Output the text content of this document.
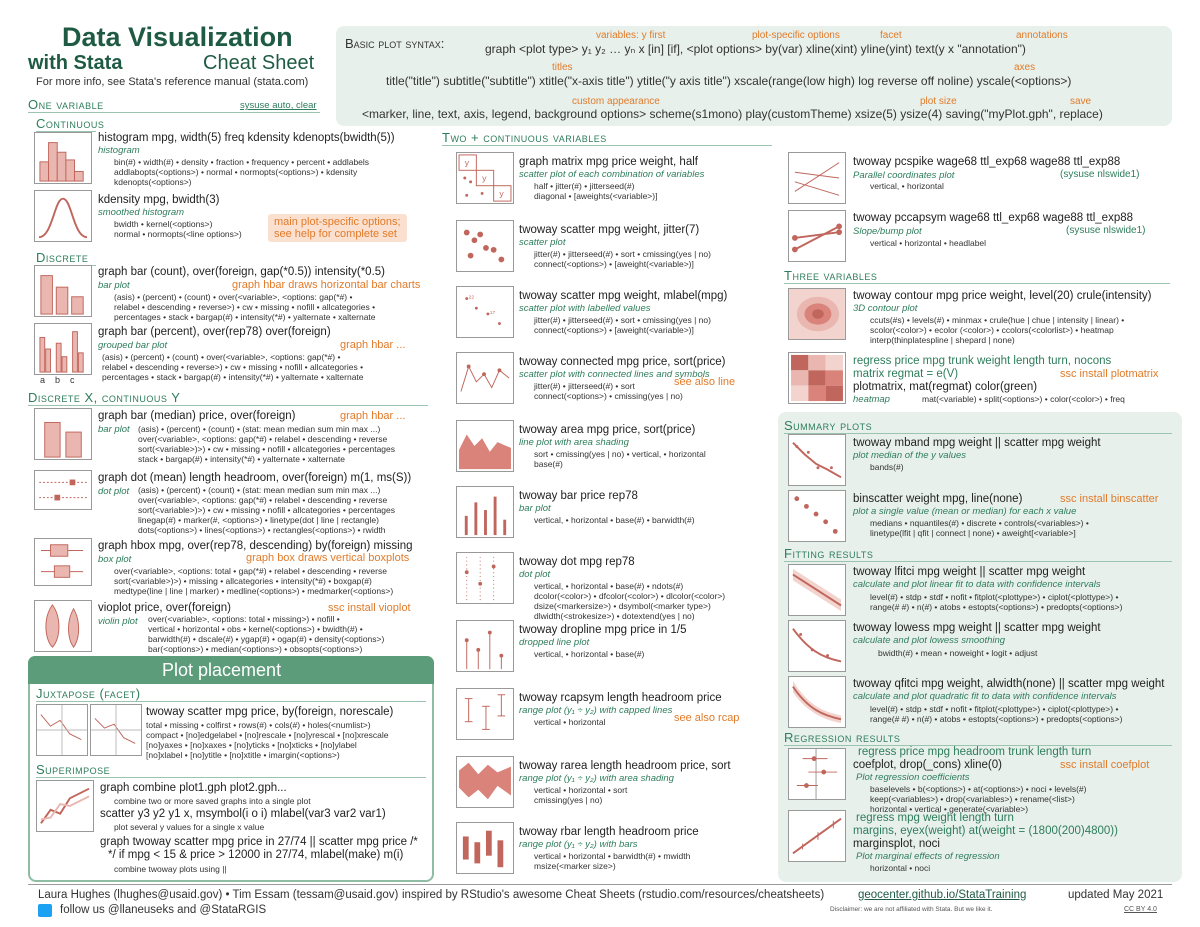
Data Visualization
with Stata	Cheat Sheet
For more info, see Stata's reference manual (stata.com)
Basic plot syntax:
variables: y first	plot-specific options	facet	annotations
graph <plot type> y₁ y₂ … yₙ x [in] [if], <plot options> by(var) xline(xint) yline(yint) text(y x "annotation")
titles	axes
title("title") subtitle("subtitle") xtitle("x-axis title") ytitle("y axis title") xscale(range(low high) log reverse off noline) yscale(<options>)
custom appearance	plot size	save
<marker, line, text, axis, legend, background options> scheme(s1mono) play(customTheme) xsize(5) ysize(4) saving("myPlot.gph", replace)
One variable	sysuse auto, clear
Continuous
histogram mpg, width(5) freq kdensity kdenopts(bwidth(5))
histogram
bin(#) • width(#) • density • fraction • frequency • percent • addlabels
addlabopts(<options>) • normal • normopts(<options>) • kdensity
kdenopts(<options>)
kdensity mpg, bwidth(3)
smoothed histogram
bwidth • kernel(<options>)
normal • normopts(<line options>)
main plot-specific options;
see help for complete set
Discrete
graph bar (count), over(foreign, gap(*0.5)) intensity(*0.5)
bar plot	graph hbar draws horizontal bar charts
(asis) • (percent) • (count) • over(<variable>, <options: gap(*#) •
relabel • descending • reverse>) • cw • missing • nofill • allcategories •
percentages • stack • bargap(#) • intensity(*#) • yalternate • xalternate
a    b    c
graph bar (percent), over(rep78) over(foreign)
grouped bar plot	graph hbar ...
(asis) • (percent) • (count) • over(<variable>, <options: gap(*#) •
relabel • descending • reverse>) • cw • missing • nofill • allcategories •
percentages • stack • bargap(#) • intensity(*#) • yalternate • xalternate
Discrete X, continuous Y
graph bar (median) price, over(foreign)	graph hbar ...
bar plot (asis) • (percent) • (count) • (stat: mean median sum min max ...)
over(<variable>, <options: gap(*#) • relabel • descending • reverse
sort(<variable>)>) • cw • missing • nofill • allcategories • percentages
stack • bargap(#) • intensity(*#) • yalternate • xalternate
graph dot (mean) length headroom, over(foreign) m(1, ms(S))
dot plot (asis) • (percent) • (count) • (stat: mean median sum min max ...)
over(<variable>, <options: gap(*#) • relabel • descending • reverse
sort(<variable>)>) • cw • missing • nofill • allcategories • percentages
linegap(#) • marker(#, <options>) • linetype(dot | line | rectangle)
dots(<options>) • lines(<options>) • rectangles(<options>) • rwidth
graph hbox mpg, over(rep78, descending) by(foreign) missing
box plot	graph box draws vertical boxplots
over(<variable>, <options: total • gap(*#) • relabel • descending • reverse
sort(<variable>)>) • missing • allcategories • intensity(*#) • boxgap(#)
medtype(line | line | marker) • medline(<options>) • medmarker(<options>)
vioplot price, over(foreign)	ssc install vioplot
violin plot over(<variable>, <options: total • missing>) • nofill •
vertical • horizontal • obs • kernel(<options>) • bwidth(#) •
barwidth(#) • dscale(#) • ygap(#) • ogap(#) • density(<options>)
bar(<options>) • median(<options>) • obsopts(<options>)
Plot placement
Juxtapose (facet)
twoway scatter mpg price, by(foreign, norescale)
total • missing • colfirst • rows(#) • cols(#) • holes(<numlist>)
compact • [no]edgelabel • [no]rescale • [no]yrescal • [no]xrescale
[no]yaxes • [no]xaxes • [no]yticks • [no]xticks • [no]ylabel
[no]xlabel • [no]ytitle • [no]xtitle • imargin(<options>)
Superimpose
graph combine plot1.gph plot2.gph...
combine two or more saved graphs into a single plot
scatter y3 y2 y1 x, msymbol(i o i) mlabel(var3 var2 var1)
plot several y values for a single x value
graph twoway scatter mpg price in 27/74 || scatter mpg price /*
*/ if mpg < 15 & price > 12000 in 27/74, mlabel(make) m(i)
combine twoway plots using ||
Two + continuous variables
y
y
y
graph matrix mpg price weight, half
scatter plot of each combination of variables
half • jitter(#) • jitterseed(#)
diagonal • [aweights(<variable>)]
twoway scatter mpg weight, jitter(7)
scatter plot
jitter(#) • jitterseed(#) • sort • cmissing(yes | no)
connect(<options>) • [aweight(<variable>)]
22
17
twoway scatter mpg weight, mlabel(mpg)
scatter plot with labelled values
jitter(#) • jitterseed(#) • sort • cmissing(yes | no)
connect(<options>) • [aweight(<variable>)]
twoway connected mpg price, sort(price)
scatter plot with connected lines and symbols
jitter(#) • jitterseed(#) • sort
connect(<options>) • cmissing(yes | no)
see also line
twoway area mpg price, sort(price)
line plot with area shading
sort • cmissing(yes | no) • vertical, • horizontal
base(#)
twoway bar price rep78
bar plot
vertical, • horizontal • base(#) • barwidth(#)
twoway dot mpg rep78
dot plot
vertical, • horizontal • base(#) • ndots(#)
dcolor(<color>) • dfcolor(<color>) • dlcolor(<color>)
dsize(<markersize>) • dsymbol(<marker type>)
dlwidth(<strokesize>) • dotextend(yes | no)
twoway dropline mpg price in 1/5
dropped line plot
vertical, • horizontal • base(#)
twoway rcapsym length headroom price
range plot (y₁ ÷ y₂) with capped lines
vertical • horizontal	see also rcap
twoway rarea length headroom price, sort
range plot (y₁ ÷ y₂) with area shading
vertical • horizontal • sort
cmissing(yes | no)
twoway rbar length headroom price
range plot (y₁ ÷ y₂) with bars
vertical • horizontal • barwidth(#) • mwidth
msize(<marker size>)
twoway pcspike wage68 ttl_exp68 wage88 ttl_exp88
Parallel coordinates plot	(sysuse nlswide1)
vertical, • horizontal
twoway pccapsym wage68 ttl_exp68 wage88 ttl_exp88
Slope/bump plot	(sysuse nlswide1)
vertical • horizontal • headlabel
Three variables
twoway contour mpg price weight, level(20) crule(intensity)
3D contour plot
ccuts(#s) • levels(#) • minmax • crule(hue | chue | intensity | linear) •
scolor(<color>) • ecolor (<color>) • ccolors(<colorlist>) • heatmap
interp(thinplatespline | shepard | none)
regress price mpg trunk weight length turn, nocons
matrix regmat = e(V)	ssc install plotmatrix
plotmatrix, mat(regmat) color(green)
heatmap	mat(<variable) • split(<options>) • color(<color>) • freq
Summary plots
twoway mband mpg weight || scatter mpg weight
plot median of the y values
bands(#)
binscatter weight mpg, line(none)	ssc install binscatter
plot a single value (mean or median) for each x value
medians • nquantiles(#) • discrete • controls(<variables>) •
linetype(lfit | qfit | connect | none) • aweight[<variable>]
Fitting results
twoway lfitci mpg weight || scatter mpg weight
calculate and plot linear fit to data with confidence intervals
level(#) • stdp • stdf • nofit • fitplot(<plottype>) • ciplot(<plottype>) •
range(# #) • n(#) • atobs • estopts(<options>) • predopts(<options>)
twoway lowess mpg weight || scatter mpg weight
calculate and plot lowess smoothing
bwidth(#) • mean • noweight • logit • adjust
twoway qfitci mpg weight, alwidth(none) || scatter mpg weight
calculate and plot quadratic fit to data with confidence intervals
level(#) • stdp • stdf • nofit • fitplot(<plottype>) • ciplot(<plottype>) •
range(# #) • n(#) • atobs • estopts(<options>) • predopts(<options>)
Regression results
regress price mpg headroom trunk length turn
coefplot, drop(_cons) xline(0)	ssc install coefplot
Plot regression coefficients
baselevels • b(<options>) • at(<options>) • noci • levels(#)
keep(<variables>) • drop(<variables>) • rename(<list>)
horizontal • vertical • generate(<variable>)
regress mpg weight length turn
margins, eyex(weight) at(weight = (1800(200)4800))
marginsplot, noci
Plot marginal effects of regression
horizontal • noci
Laura Hughes (lhughes@usaid.gov) • Tim Essam (tessam@usaid.gov)
follow us @llaneuseks and @StataRGIS
inspired by RStudio's awesome Cheat Sheets (rstudio.com/resources/cheatsheets)	geocenter.github.io/StataTraining
Disclaimer: we are not affiliated with Stata. But we like it.
updated May 2021
CC BY 4.0
